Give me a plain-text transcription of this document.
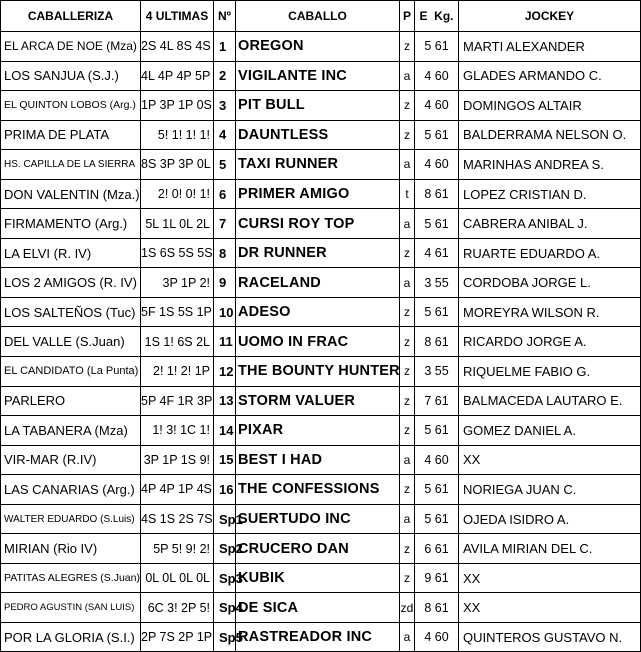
CABALLERIZA	4 ULTIMAS	Nº	CABALLO	P	E  Kg.	JOCKEY
EL ARCA DE NOE (Mza)	2S 4L 8S 4S	1	OREGON	z	5 61	MARTI ALEXANDER
LOS SANJUA (S.J.)	4L 4P 4P 5P	2	VIGILANTE INC	a	4 60	GLADES ARMANDO C.
EL QUINTON LOBOS (Arg.)	1P 3P 1P 0S	3	PIT BULL	z	4 60	DOMINGOS ALTAIR
PRIMA DE PLATA	5! 1! 1! 1!	4	DAUNTLESS	z	5 61	BALDERRAMA NELSON O.
HS. CAPILLA DE LA SIERRA	8S 3P 3P 0L	5	TAXI RUNNER	a	4 60	MARINHAS ANDREA S.
DON VALENTIN (Mza.)	2! 0! 0! 1!	6	PRIMER AMIGO	t	8 61	LOPEZ CRISTIAN D.
FIRMAMENTO (Arg.)	5L 1L 0L 2L	7	CURSI ROY TOP	a	5 61	CABRERA ANIBAL J.
LA ELVI (R. IV)	1S 6S 5S 5S	8	DR RUNNER	z	4 61	RUARTE EDUARDO A.
LOS 2 AMIGOS (R. IV)	3P 1P 2!	9	RACELAND	a	3 55	CORDOBA JORGE L.
LOS SALTEÑOS (Tuc)	5F 1S 5S 1P	10	ADESO	z	5 61	MOREYRA WILSON R.
DEL VALLE (S.Juan)	1S 1! 6S 2L	11	UOMO IN FRAC	z	8 61	RICARDO JORGE A.
EL CANDIDATO (La Punta)	2! 1! 2! 1P	12	THE BOUNTY HUNTER	z	3 55	RIQUELME FABIO G.
PARLERO	5P 4F 1R 3P	13	STORM VALUER	z	7 61	BALMACEDA LAUTARO E.
LA TABANERA (Mza)	1! 3! 1C 1!	14	PIXAR	z	5 61	GOMEZ DANIEL A.
VIR-MAR (R.IV)	3P 1P 1S 9!	15	BEST I HAD	a	4 60	XX
LAS CANARIAS (Arg.)	4P 4P 1P 4S	16	THE CONFESSIONS	z	5 61	NORIEGA JUAN C.
WALTER EDUARDO (S.Luis)	4S 1S 2S 7S	Sp1	SUERTUDO INC	a	5 61	OJEDA ISIDRO A.
MIRIAN (Rio IV)	5P 5! 9! 2!	Sp2	CRUCERO DAN	z	6 61	AVILA MIRIAN DEL C.
PATITAS ALEGRES (S.Juan)	0L 0L 0L 0L	Sp3	KUBIK	z	9 61	XX
PEDRO AGUSTIN (SAN LUIS)	6C 3! 2P 5!	Sp4	DE SICA	zd	8 61	XX
POR LA GLORIA (S.I.)	2P 7S 2P 1P	Sp5	RASTREADOR INC	a	4 60	QUINTEROS GUSTAVO N.
